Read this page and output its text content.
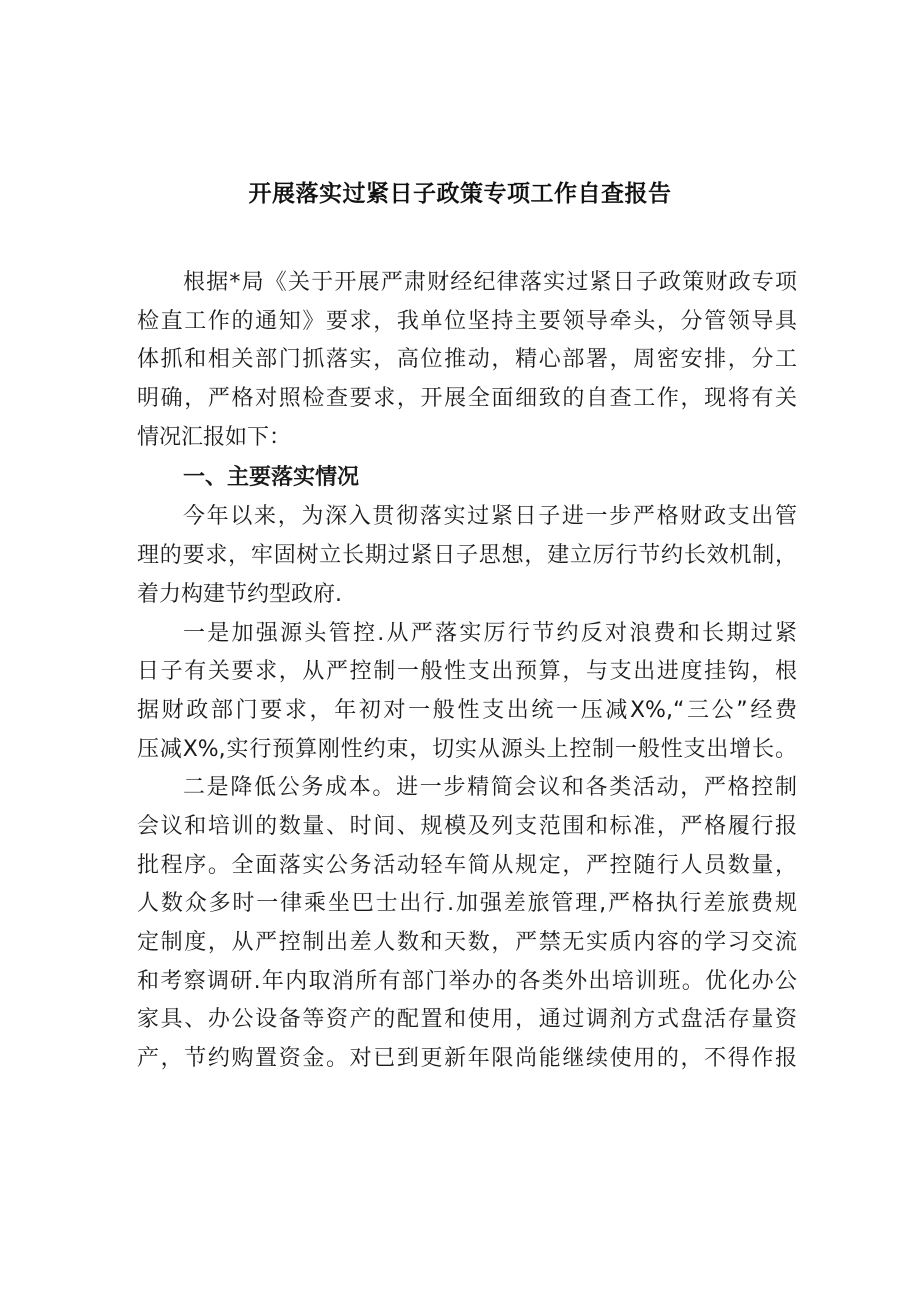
开展落实过紧日子政策专项工作自查报告
根据*局《关于开展严肃财经纪律落实过紧日子政策财政专项
检直工作的通知》要求，我单位坚持主要领导牵头，分管领导具
体抓和相关部门抓落实，高位推动，精心部署，周密安排，分工
明确，严格对照检查要求，开展全面细致的自查工作，现将有关
情况汇报如下：
一、主要落实情况
今年以来，为深入贯彻落实过紧日子进一步严格财政支出管
理的要求，牢固树立长期过紧日子思想，建立厉行节约长效机制，
着力构建节约型政府.
一是加强源头管控.从严落实厉行节约反对浪费和长期过紧
日子有关要求，从严控制一般性支出预算，与支出进度挂钩，根
据财政部门要求，年初对一般性支出统一压减X%,“三公”经费
压减X%,实行预算刚性约束，切实从源头上控制一般性支出增长。
二是降低公务成本。进一步精简会议和各类活动，严格控制
会议和培训的数量、时间、规模及列支范围和标准，严格履行报
批程序。全面落实公务活动轻车简从规定，严控随行人员数量，
人数众多时一律乘坐巴士出行.加强差旅管理,严格执行差旅费规
定制度，从严控制出差人数和天数，严禁无实质内容的学习交流
和考察调研.年内取消所有部门举办的各类外出培训班。优化办公
家具、办公设备等资产的配置和使用，通过调剂方式盘活存量资
产，节约购置资金。对已到更新年限尚能继续使用的，不得作报
